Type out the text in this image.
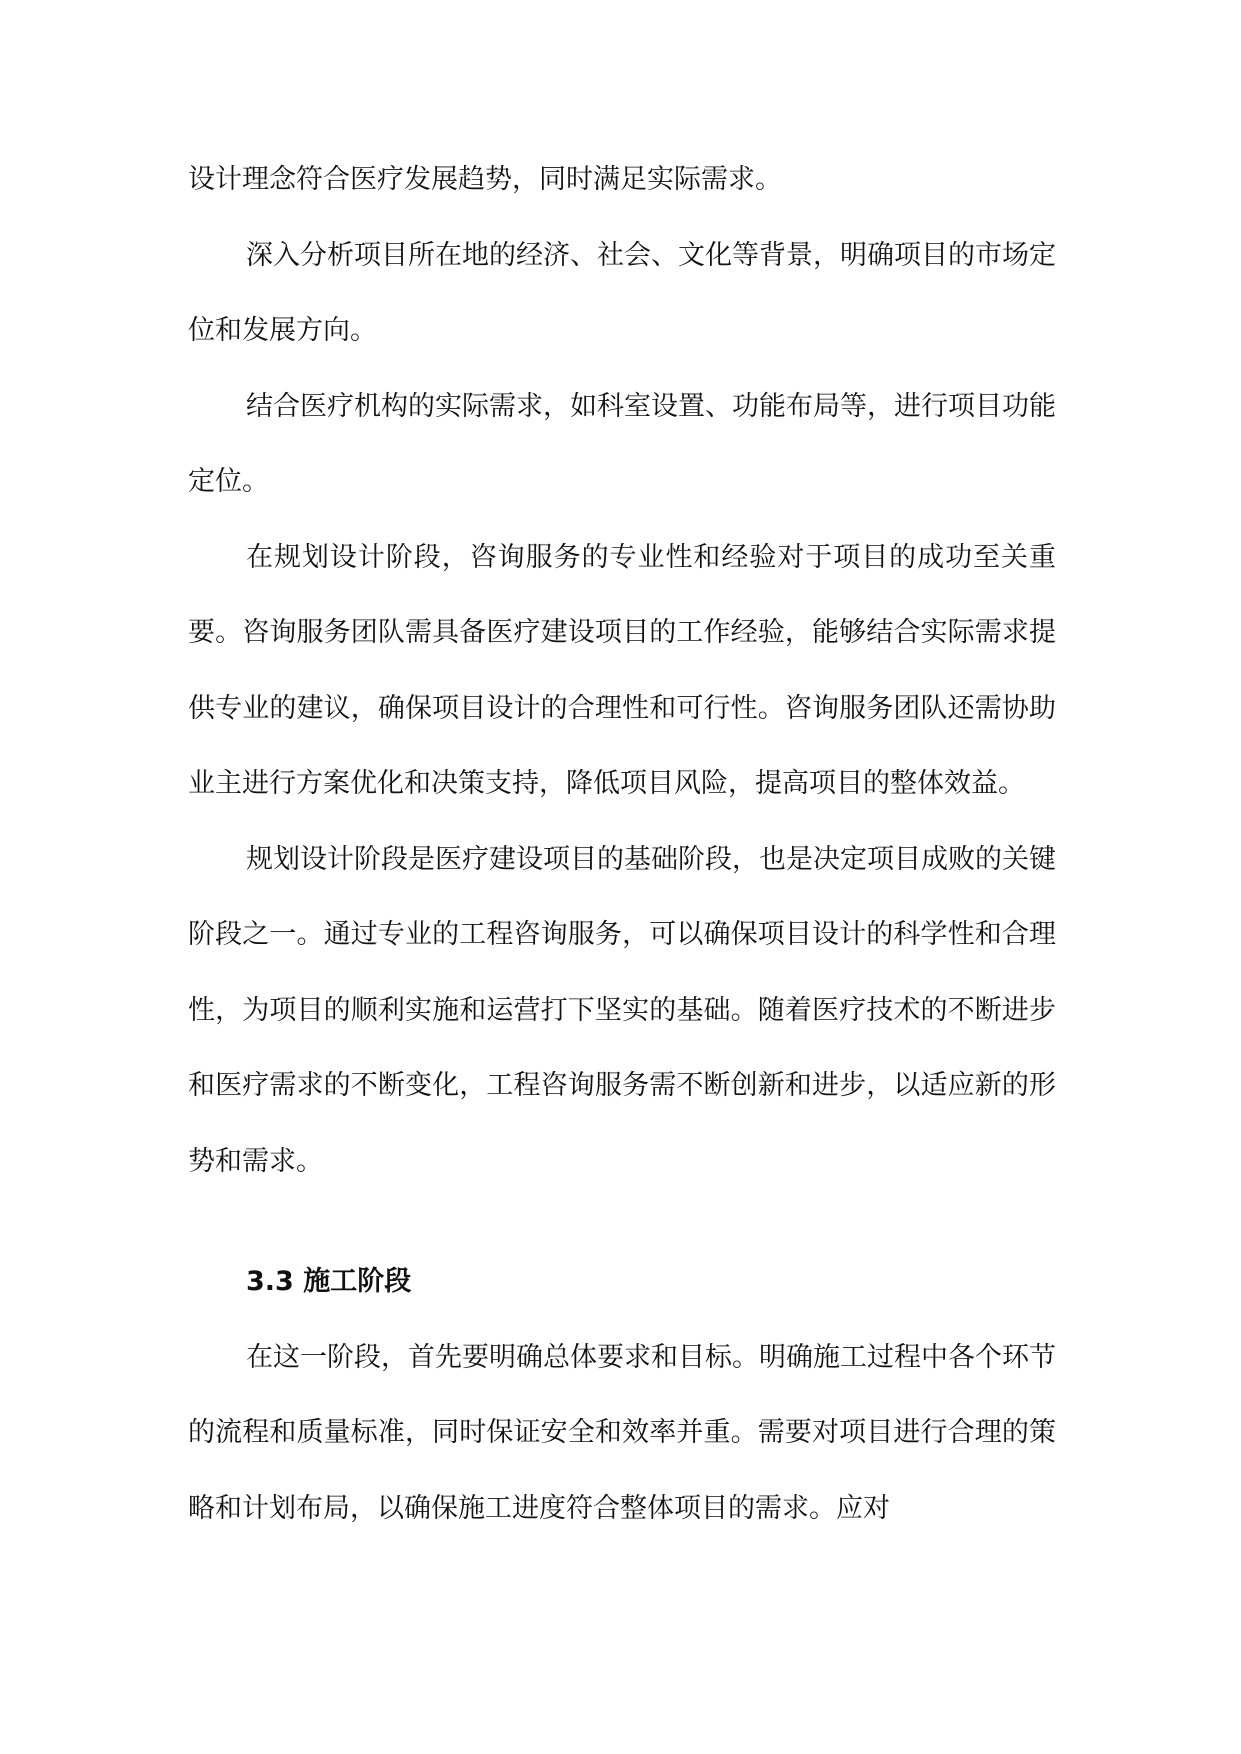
设计理念符合医疗发展趋势，同时满足实际需求。

深入分析项目所在地的经济、社会、文化等背景，明确项目的市场定位和发展方向。

结合医疗机构的实际需求，如科室设置、功能布局等，进行项目功能定位。

在规划设计阶段，咨询服务的专业性和经验对于项目的成功至关重要。咨询服务团队需具备医疗建设项目的工作经验，能够结合实际需求提供专业的建议，确保项目设计的合理性和可行性。咨询服务团队还需协助业主进行方案优化和决策支持，降低项目风险，提高项目的整体效益。

规划设计阶段是医疗建设项目的基础阶段，也是决定项目成败的关键阶段之一。通过专业的工程咨询服务，可以确保项目设计的科学性和合理性，为项目的顺利实施和运营打下坚实的基础。随着医疗技术的不断进步和医疗需求的不断变化，工程咨询服务需不断创新和进步，以适应新的形势和需求。

3.3 施工阶段

在这一阶段，首先要明确总体要求和目标。明确施工过程中各个环节的流程和质量标准，同时保证安全和效率并重。需要对项目进行合理的策略和计划布局，以确保施工进度符合整体项目的需求。应对
